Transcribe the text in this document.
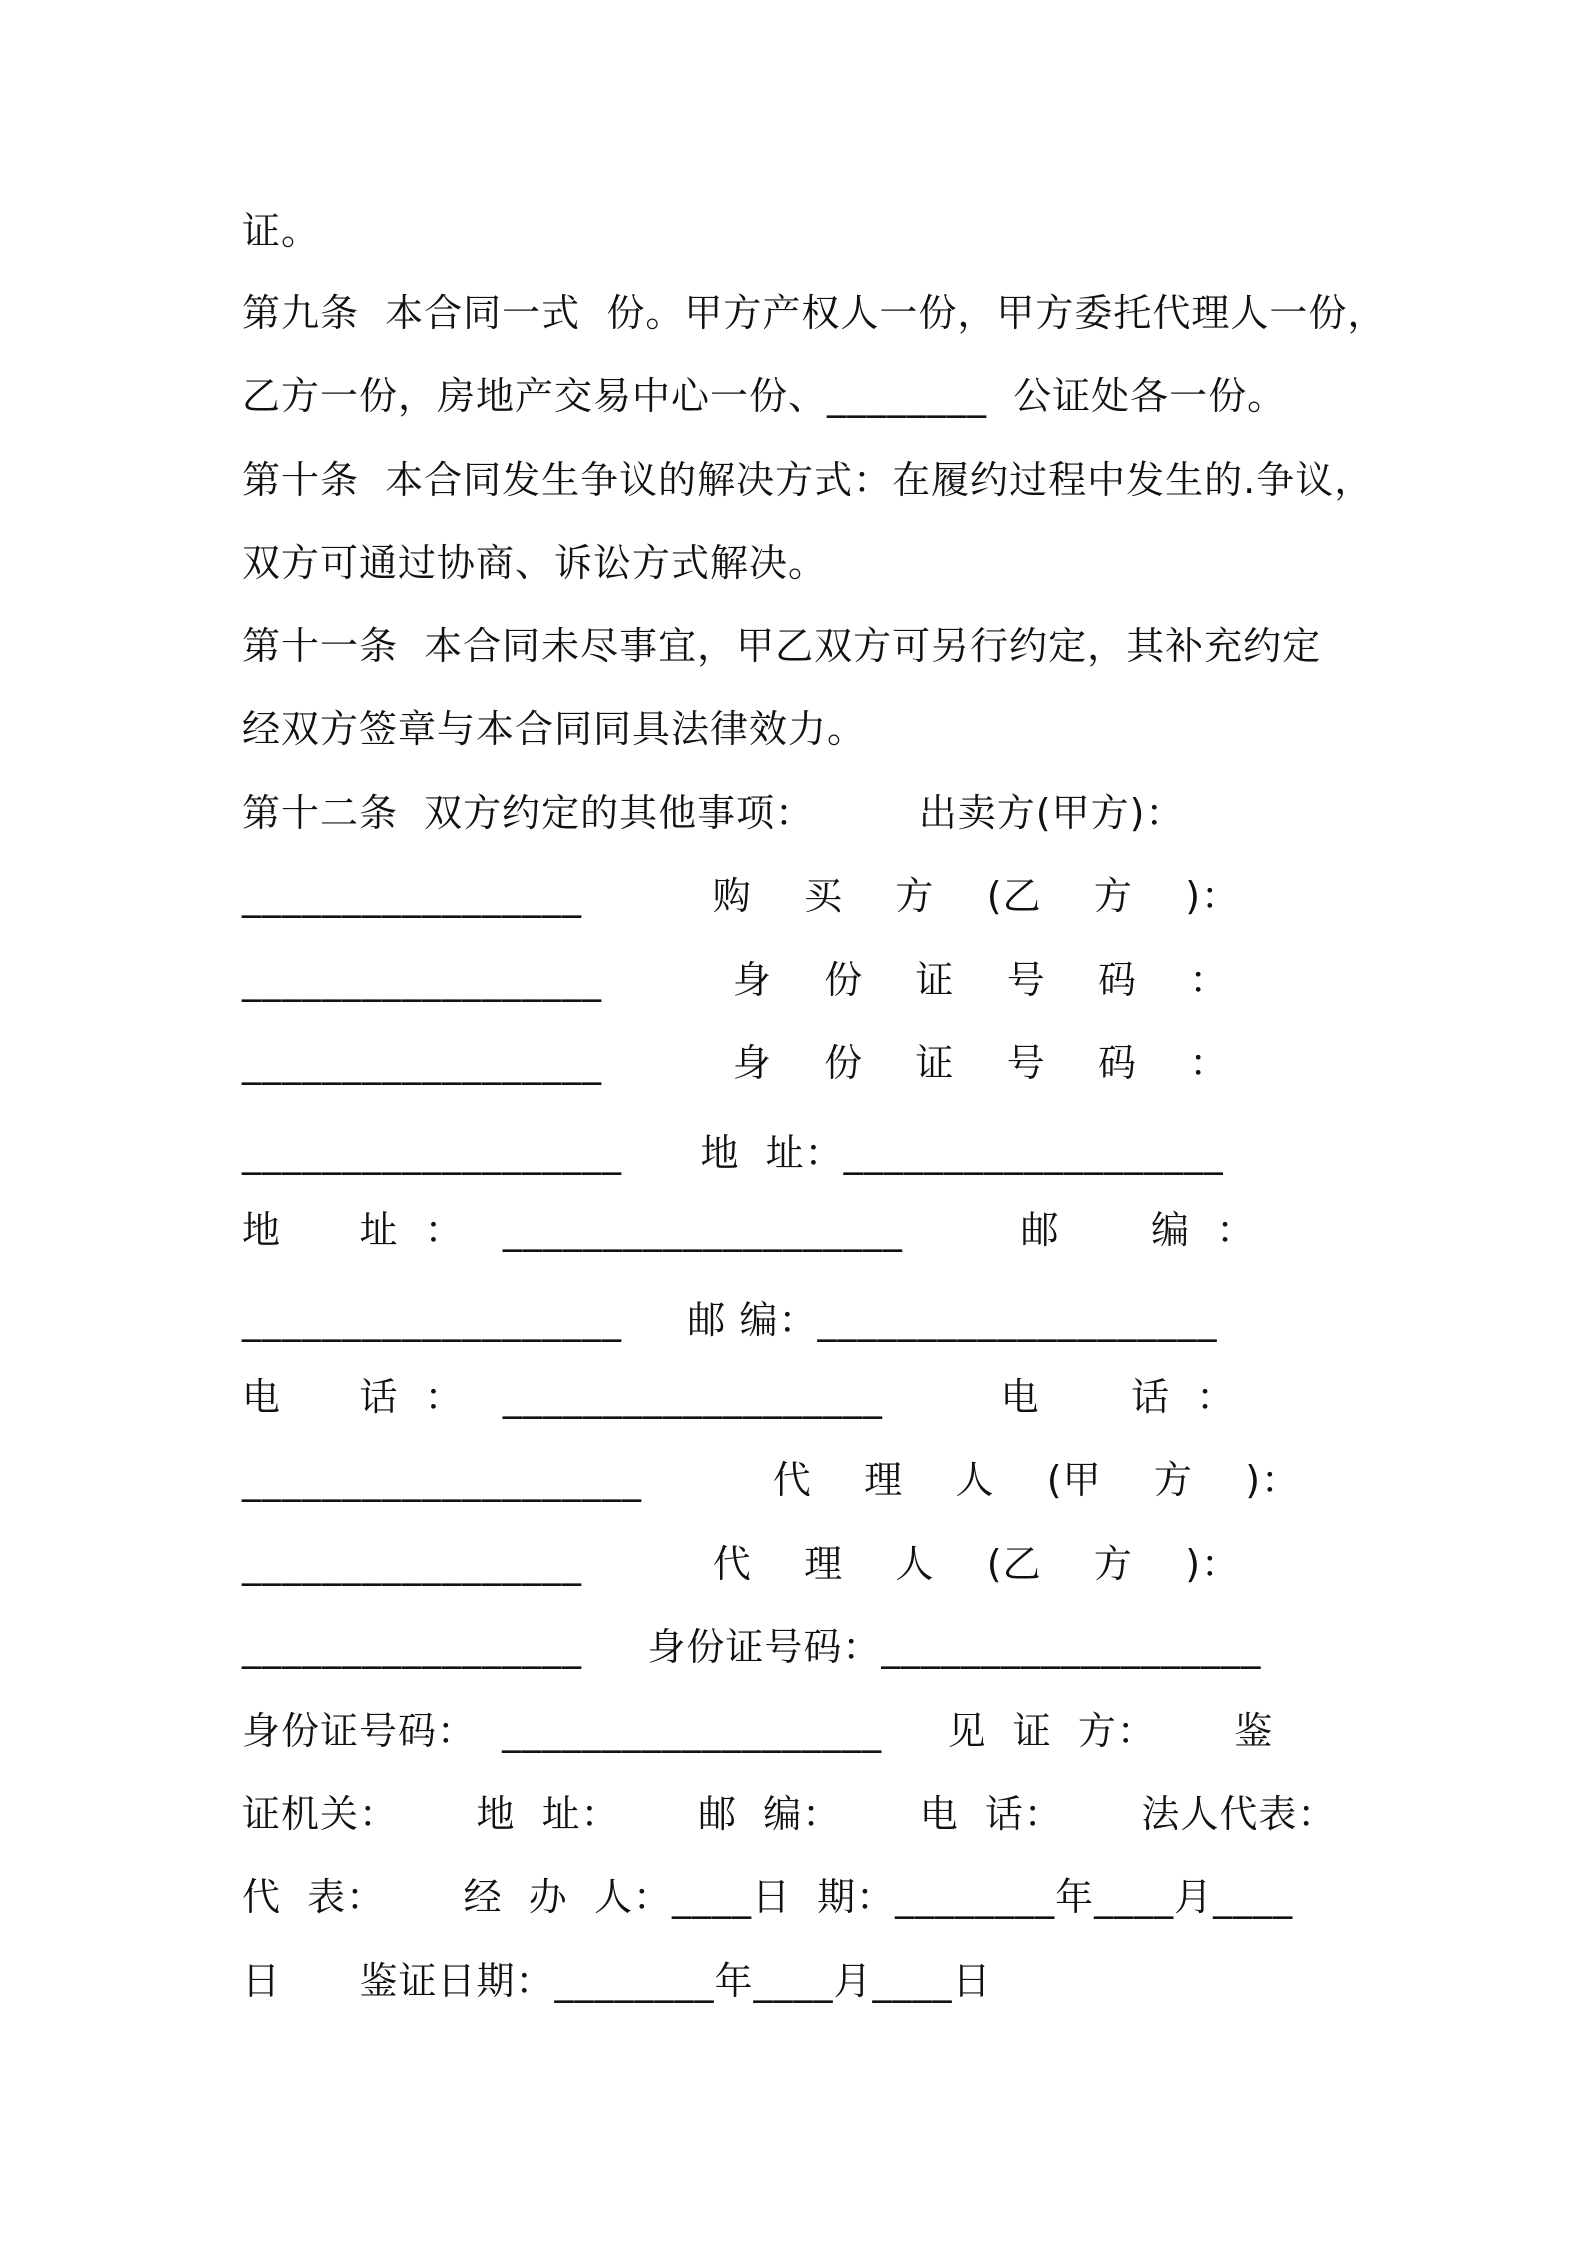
证。
第九条  本合同一式  份。甲方产权人一份，甲方委托代理人一份，
乙方一份，房地产交易中心一份、________  公证处各一份。
第十条  本合同发生争议的解决方式：在履约过程中发生的.争议，
双方可通过协商、诉讼方式解决。
第十一条  本合同未尽事宜，甲乙双方可另行约定，其补充约定
经双方签章与本合同同具法律效力。
第十二条  双方约定的其他事项：        出卖方(甲方)：
_________________          购    买    方    (乙    方    )：
__________________          身    份    证    号    码    ：
__________________          身    份    证    号    码    ：
___________________      地  址：___________________
地      址  ：   ____________________         邮       编  ：
___________________     邮 编：____________________
电      话  ：   ___________________         电       话  ：
____________________          代    理    人    (甲    方    )：
_________________          代    理    人    (乙    方    )：
_________________     身份证号码：___________________
身份证号码：  ___________________     见  证  方：      鉴
证机关：      地  址：      邮  编：      电  话：      法人代表：
代  表：      经  办  人：____日  期：________年____月____
日      鉴证日期：________年____月____日
